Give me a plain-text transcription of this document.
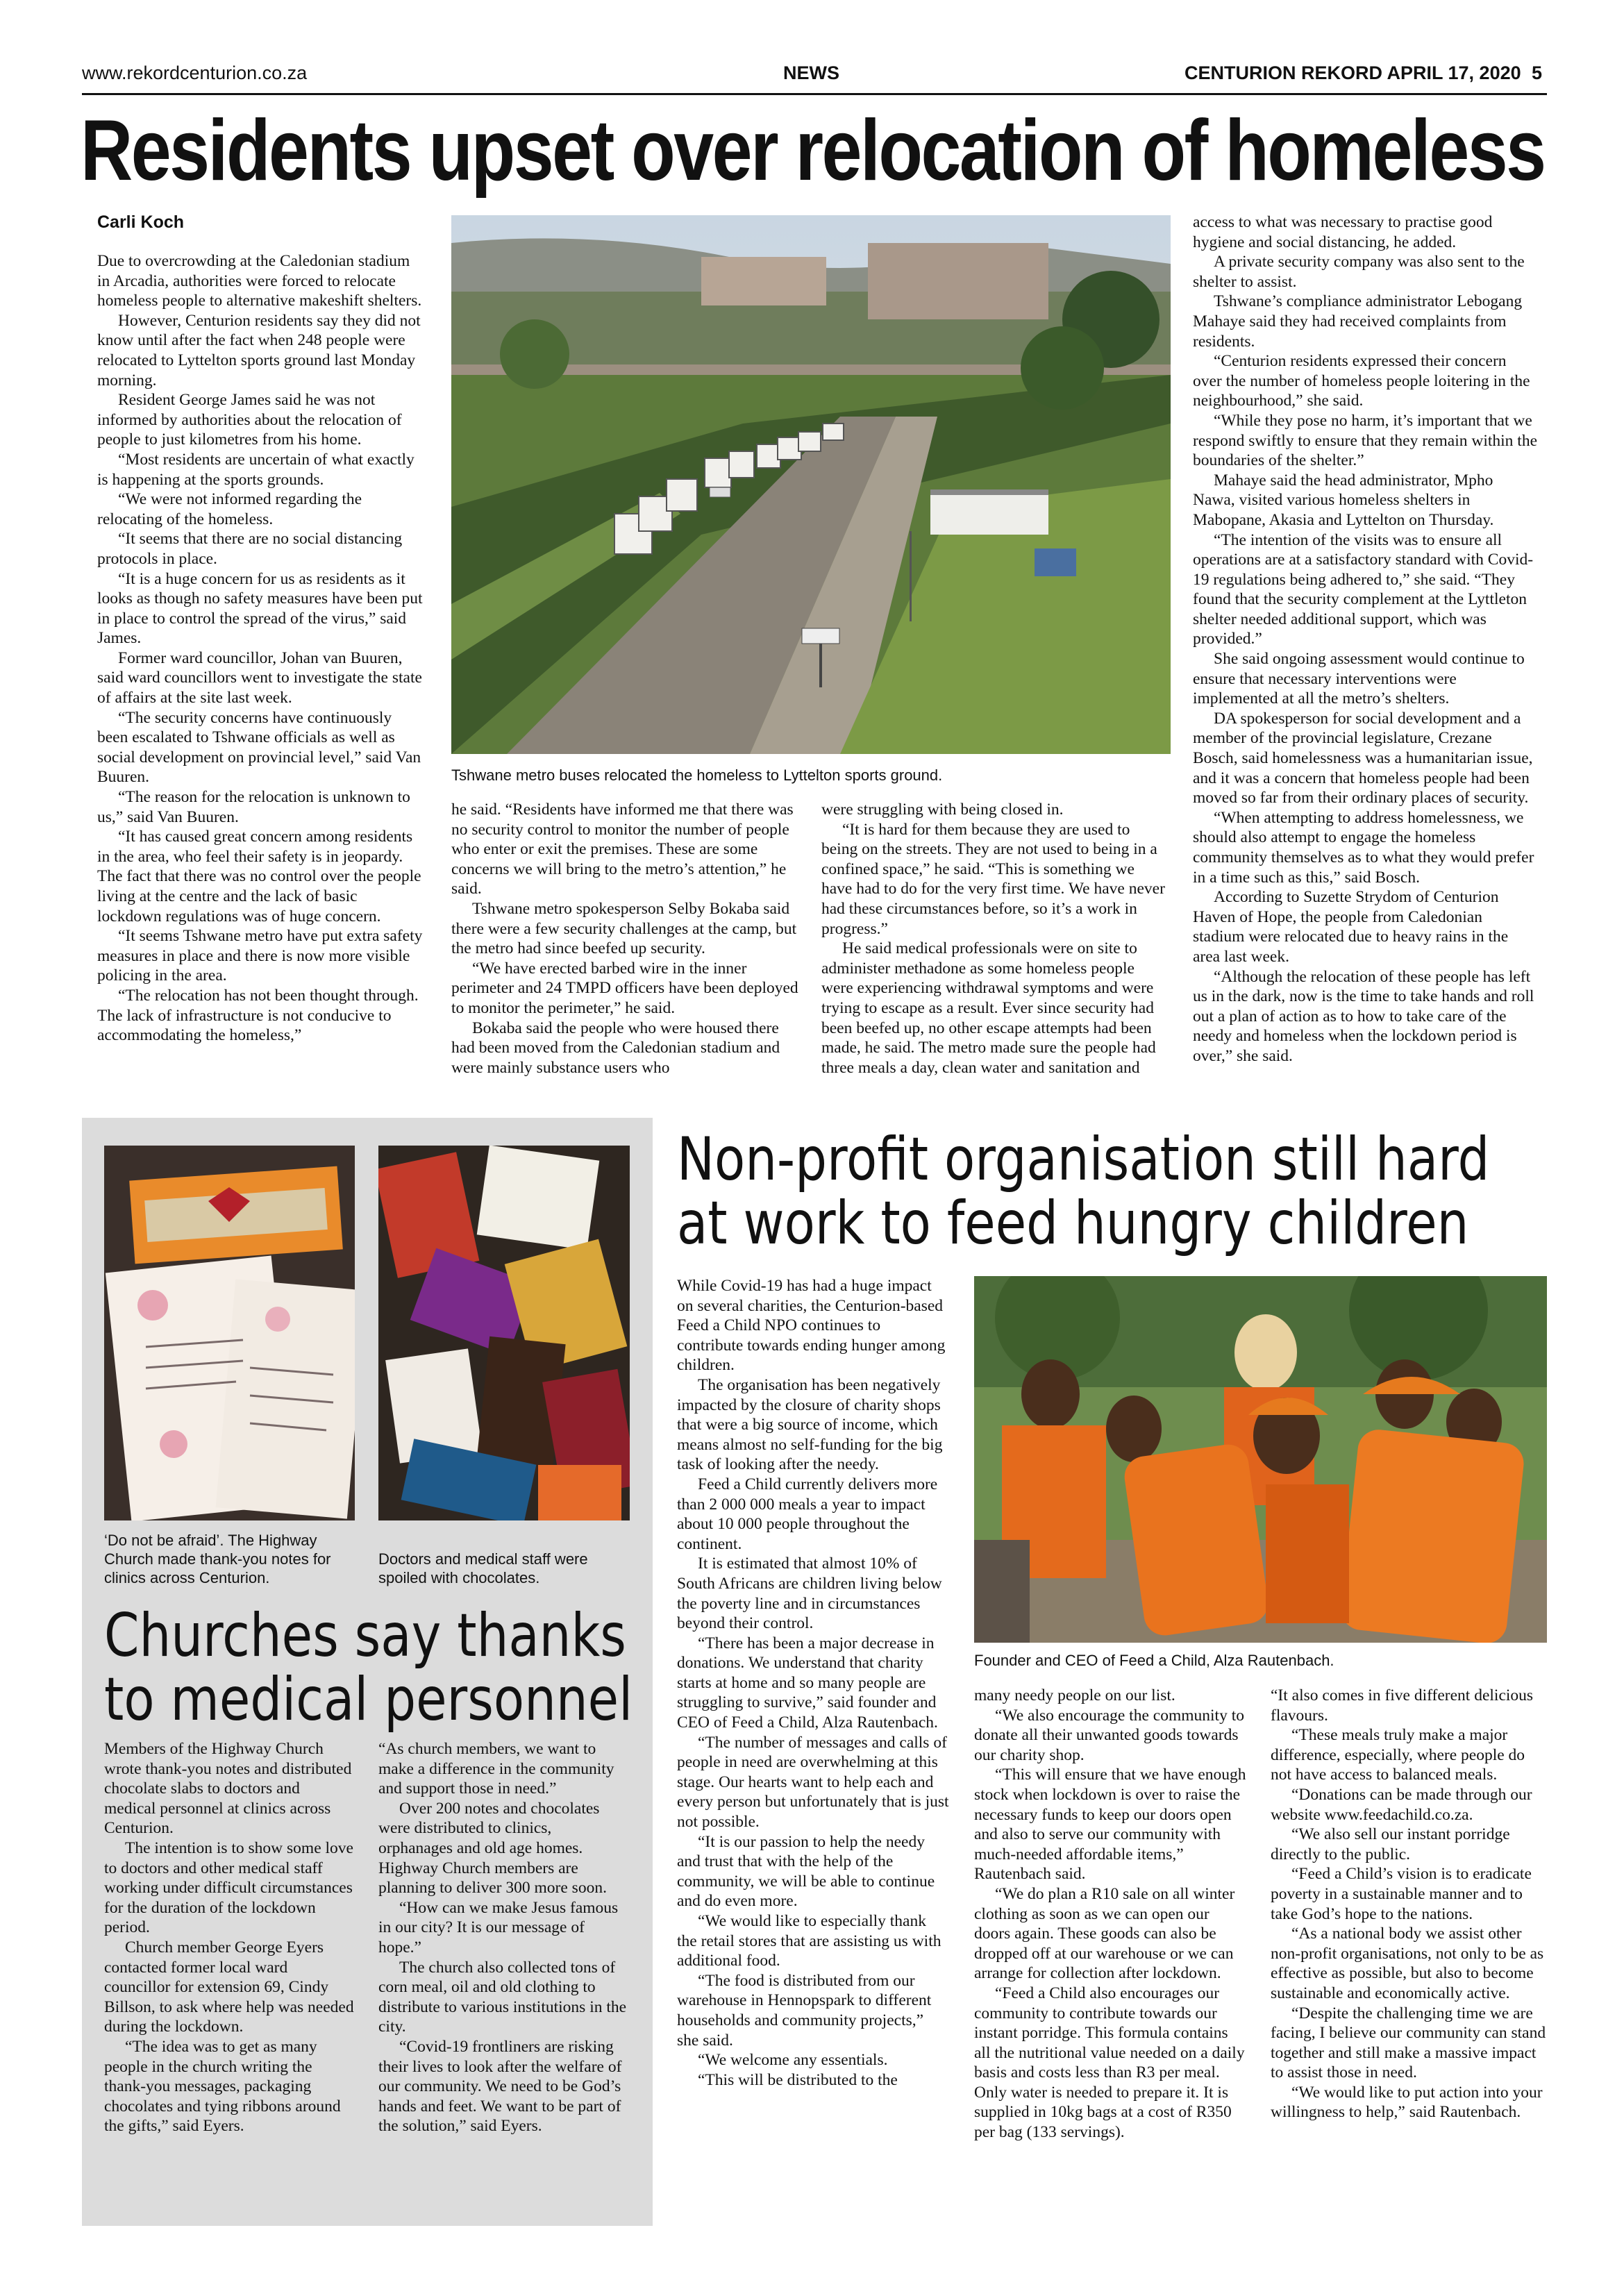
www.rekordcenturion.co.za	NEWS	CENTURION REKORD APRIL 17, 2020 5
Residents upset over relocation of homeless
Carli Koch

Due to overcrowding at the Caledonian stadium in Arcadia, authorities were forced to relocate homeless people to alternative makeshift shelters.

However, Centurion residents say they did not know until after the fact when 248 people were relocated to Lyttelton sports ground last Monday morning.

Resident George James said he was not informed by authorities about the relocation of people to just kilometres from his home.

“Most residents are uncertain of what exactly is happening at the sports grounds.

“We were not informed regarding the relocating of the homeless.

“It seems that there are no social distancing protocols in place.

“It is a huge concern for us as residents as it looks as though no safety measures have been put in place to control the spread of the virus,” said James.

Former ward councillor, Johan van Buuren, said ward councillors went to investigate the state of affairs at the site last week.

“The security concerns have continuously been escalated to Tshwane officials as well as social development on provincial level,” said Van Buuren.

“The reason for the relocation is unknown to us,” said Van Buuren.

“It has caused great concern among residents in the area, who feel their safety is in jeopardy. The fact that there was no control over the people living at the centre and the lack of basic lockdown regulations was of huge concern.

“It seems Tshwane metro have put extra safety measures in place and there is now more visible policing in the area.

“The relocation has not been thought through. The lack of infrastructure is not conducive to accommodating the homeless,”

Tshwane metro buses relocated the homeless to Lyttelton sports ground.

he said. “Residents have informed me that there was no security control to monitor the number of people who enter or exit the premises. These are some concerns we will bring to the metro’s attention,” he said.

Tshwane metro spokesperson Selby Bokaba said there were a few security challenges at the camp, but the metro had since beefed up security.

“We have erected barbed wire in the inner perimeter and 24 TMPD officers have been deployed to monitor the perimeter,” he said.

Bokaba said the people who were housed there had been moved from the Caledonian stadium and were mainly substance users who

were struggling with being closed in.

“It is hard for them because they are used to being on the streets. They are not used to being in a confined space,” he said. “This is something we have had to do for the very first time. We have never had these circumstances before, so it’s a work in progress.”

He said medical professionals were on site to administer methadone as some homeless people were experiencing withdrawal symptoms and were trying to escape as a result. Ever since security had been beefed up, no other escape attempts had been made, he said. The metro made sure the people had three meals a day, clean water and sanitation and

access to what was necessary to practise good hygiene and social distancing, he added.

A private security company was also sent to the shelter to assist.

Tshwane’s compliance administrator Lebogang Mahaye said they had received complaints from residents.

“Centurion residents expressed their concern over the number of homeless people loitering in the neighbourhood,” she said.

“While they pose no harm, it’s important that we respond swiftly to ensure that they remain within the boundaries of the shelter.”

Mahaye said the head administrator, Mpho Nawa, visited various homeless shelters in Mabopane, Akasia and Lyttelton on Thursday.

“The intention of the visits was to ensure all operations are at a satisfactory standard with Covid-19 regulations being adhered to,” she said. “They found that the security complement at the Lyttleton shelter needed additional support, which was provided.”

She said ongoing assessment would continue to ensure that necessary interventions were implemented at all the metro’s shelters.

DA spokesperson for social development and a member of the provincial legislature, Crezane Bosch, said homelessness was a humanitarian issue, and it was a concern that homeless people had been moved so far from their ordinary places of security.

“When attempting to address homelessness, we should also attempt to engage the homeless community themselves as to what they would prefer in a time such as this,” said Bosch.

According to Suzette Strydom of Centurion Haven of Hope, the people from Caledonian stadium were relocated due to heavy rains in the area last week.

“Although the relocation of these people has left us in the dark, now is the time to take hands and roll out a plan of action as to how to take care of the needy and homeless when the lockdown period is over,” she said.

‘Do not be afraid’. The Highway Church made thank-you notes for clinics across Centurion.
Doctors and medical staff were spoiled with chocolates.
Churches say thanks
to medical personnel

Members of the Highway Church wrote thank-you notes and distributed chocolate slabs to doctors and medical personnel at clinics across Centurion.

The intention is to show some love to doctors and other medical staff working under difficult circumstances for the duration of the lockdown period.

Church member George Eyers contacted former local ward councillor for extension 69, Cindy Billson, to ask where help was needed during the lockdown.

“The idea was to get as many people in the church writing the thank-you messages, packaging chocolates and tying ribbons around the gifts,” said Eyers.

“As church members, we want to make a difference in the community and support those in need.”

Over 200 notes and chocolates were distributed to clinics, orphanages and old age homes. Highway Church members are planning to deliver 300 more soon.

“How can we make Jesus famous in our city? It is our message of hope.”

The church also collected tons of corn meal, oil and old clothing to distribute to various institutions in the city.

“Covid-19 frontliners are risking their lives to look after the welfare of our community. We need to be God’s hands and feet. We want to be part of the solution,” said Eyers.

Non-profit organisation still hard
at work to feed hungry children

While Covid-19 has had a huge impact on several charities, the Centurion-based Feed a Child NPO continues to contribute towards ending hunger among children.

The organisation has been negatively impacted by the closure of charity shops that were a big source of income, which means almost no self-funding for the big task of looking after the needy.

Feed a Child currently delivers more than 2 000 000 meals a year to impact about 10 000 people throughout the continent.

It is estimated that almost 10% of South Africans are children living below the poverty line and in circumstances beyond their control.

“There has been a major decrease in donations. We understand that charity starts at home and so many people are struggling to survive,” said founder and CEO of Feed a Child, Alza Rautenbach.

“The number of messages and calls of people in need are overwhelming at this stage. Our hearts want to help each and every person but unfortunately that is just not possible.

“It is our passion to help the needy and trust that with the help of the community, we will be able to continue and do even more.

“We would like to especially thank the retail stores that are assisting us with additional food.

“The food is distributed from our warehouse in Hennopspark to different households and community projects,” she said.

“We welcome any essentials.

“This will be distributed to the

Founder and CEO of Feed a Child, Alza Rautenbach.

many needy people on our list.

“We also encourage the community to donate all their unwanted goods towards our charity shop.

“This will ensure that we have enough stock when lockdown is over to raise the necessary funds to keep our doors open and also to serve our community with much-needed affordable items,” Rautenbach said.

“We do plan a R10 sale on all winter clothing as soon as we can open our doors again. These goods can also be dropped off at our warehouse or we can arrange for collection after lockdown.

“Feed a Child also encourages our community to contribute towards our instant porridge. This formula contains all the nutritional value needed on a daily basis and costs less than R3 per meal. Only water is needed to prepare it. It is supplied in 10kg bags at a cost of R350 per bag (133 servings).

“It also comes in five different delicious flavours.

“These meals truly make a major difference, especially, where people do not have access to balanced meals.

“Donations can be made through our website www.feedachild.co.za.

“We also sell our instant porridge directly to the public.

“Feed a Child’s vision is to eradicate poverty in a sustainable manner and to take God’s hope to the nations.

“As a national body we assist other non-profit organisations, not only to be as effective as possible, but also to become sustainable and economically active.

“Despite the challenging time we are facing, I believe our community can stand together and still make a massive impact to assist those in need.

“We would like to put action into your willingness to help,” said Rautenbach.
